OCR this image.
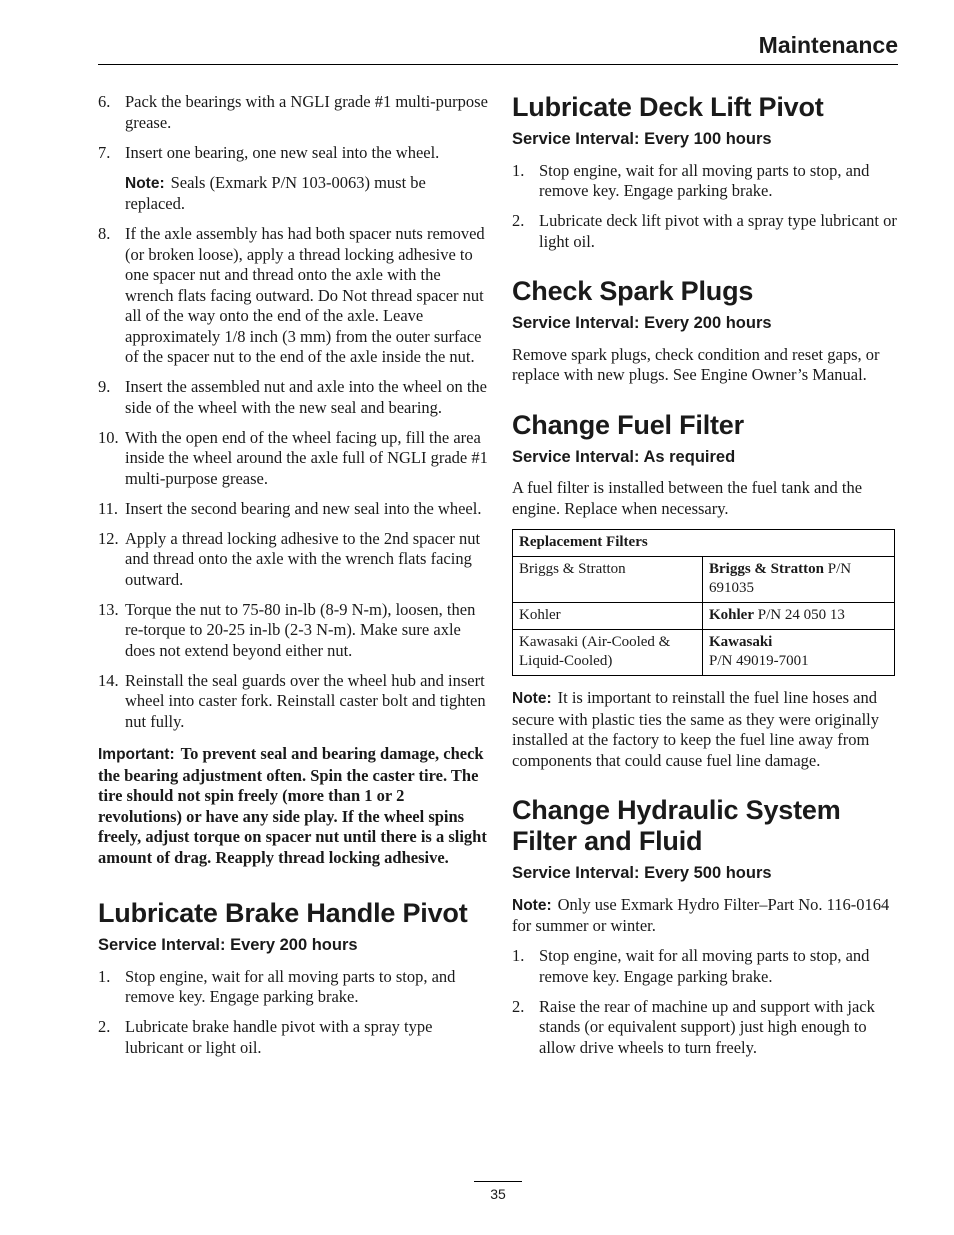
Maintenance
6. Pack the bearings with a NGLI grade #1 multi-purpose grease.
7. Insert one bearing, one new seal into the wheel.

Note: Seals (Exmark P/N 103-0063) must be replaced.

8. If the axle assembly has had both spacer nuts removed (or broken loose), apply a thread locking adhesive to one spacer nut and thread onto the axle with the wrench flats facing outward. Do Not thread spacer nut all of the way onto the end of the axle. Leave approximately 1/8 inch (3 mm) from the outer surface of the spacer nut to the end of the axle inside the nut.
9. Insert the assembled nut and axle into the wheel on the side of the wheel with the new seal and bearing.
10. With the open end of the wheel facing up, fill the area inside the wheel around the axle full of NGLI grade #1 multi-purpose grease.
11. Insert the second bearing and new seal into the wheel.
12. Apply a thread locking adhesive to the 2nd spacer nut and thread onto the axle with the wrench flats facing outward.
13. Torque the nut to 75-80 in-lb (8-9 N-m), loosen, then re-torque to 20-25 in-lb (2-3 N-m). Make sure axle does not extend beyond either nut.
14. Reinstall the seal guards over the wheel hub and insert wheel into caster fork. Reinstall caster bolt and tighten nut fully.

Important: To prevent seal and bearing damage, check the bearing adjustment often. Spin the caster tire. The tire should not spin freely (more than 1 or 2 revolutions) or have any side play. If the wheel spins freely, adjust torque on spacer nut until there is a slight amount of drag. Reapply thread locking adhesive.

Lubricate Brake Handle Pivot

Service Interval: Every 200 hours

1. Stop engine, wait for all moving parts to stop, and remove key. Engage parking brake.
2. Lubricate brake handle pivot with a spray type lubricant or light oil.
Lubricate Deck Lift Pivot

Service Interval: Every 100 hours

1. Stop engine, wait for all moving parts to stop, and remove key. Engage parking brake.
2. Lubricate deck lift pivot with a spray type lubricant or light oil.
Check Spark Plugs

Service Interval: Every 200 hours

Remove spark plugs, check condition and reset gaps, or replace with new plugs. See Engine Owner’s Manual.

Change Fuel Filter

Service Interval: As required

A fuel filter is installed between the fuel tank and the engine. Replace when necessary.

Replacement Filters	
Briggs & Stratton	Briggs & Stratton P/N 691035
Kohler	Kohler P/N 24 050 13
Kawasaki (Air-Cooled & Liquid-Cooled)	Kawasaki
P/N 49019-7001

Note: It is important to reinstall the fuel line hoses and secure with plastic ties the same as they were originally installed at the factory to keep the fuel line away from components that could cause fuel line damage.

Change Hydraulic System Filter and Fluid

Service Interval: Every 500 hours

Note: Only use Exmark Hydro Filter–Part No. 116-0164 for summer or winter.

1. Stop engine, wait for all moving parts to stop, and remove key. Engage parking brake.
2. Raise the rear of machine up and support with jack stands (or equivalent support) just high enough to allow drive wheels to turn freely.
35
